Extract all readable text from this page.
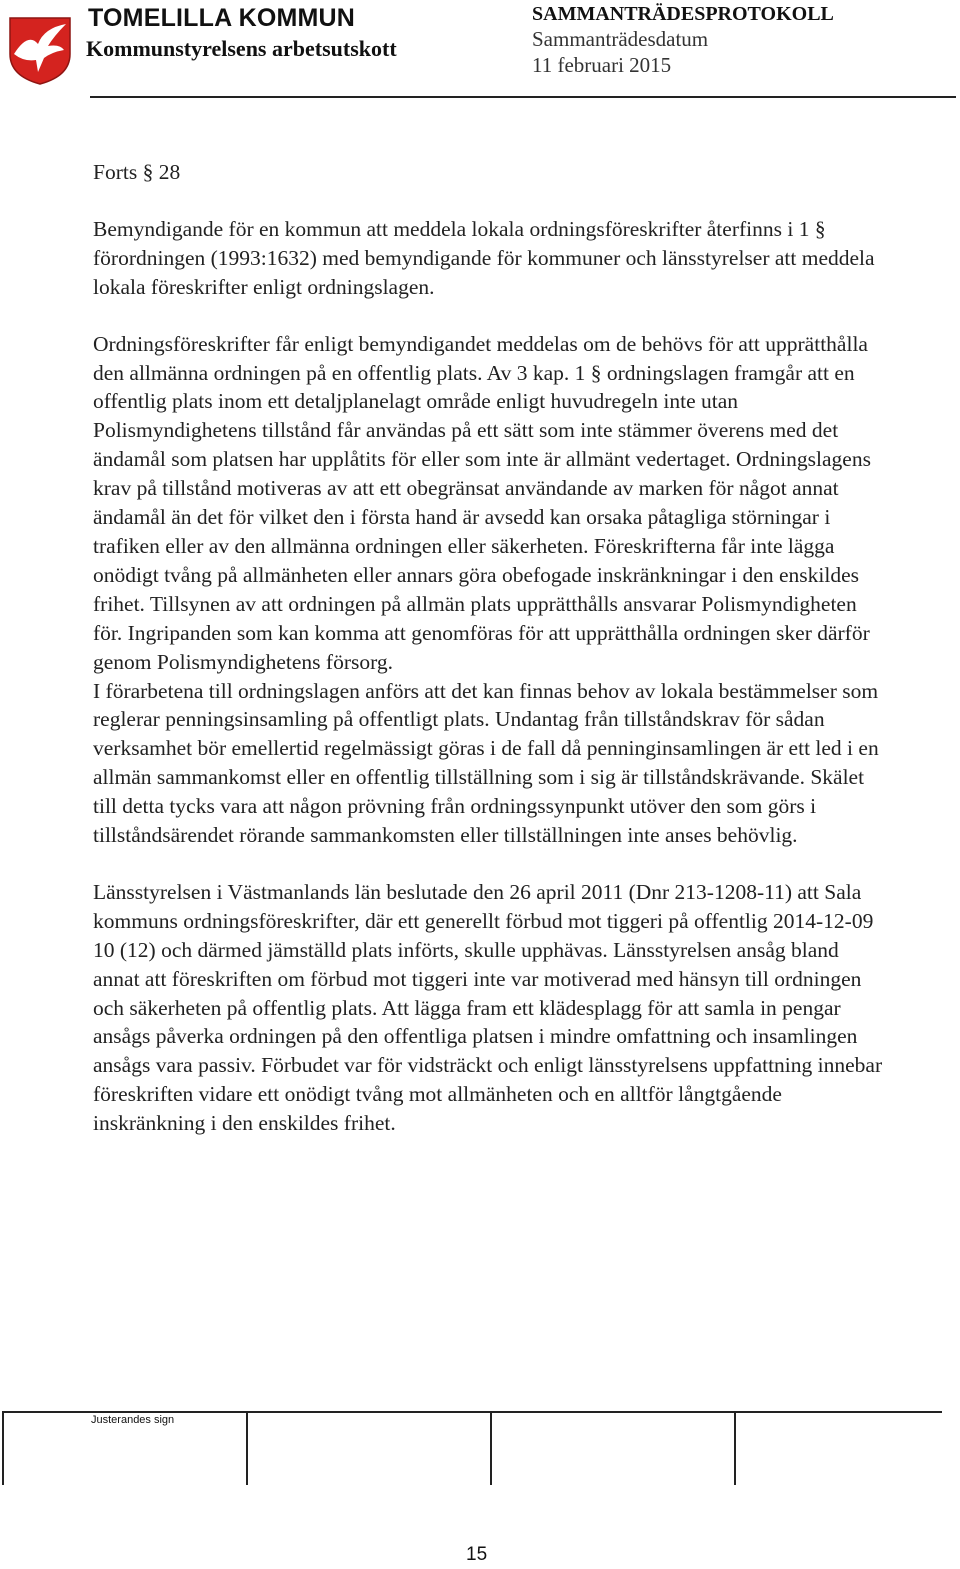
TOMELILLA KOMMUN
Kommunstyrelsens arbetsutskott
SAMMANTRÄDESPROTOKOLL
Sammanträdesdatum
11 februari 2015

Forts § 28

Bemyndigande för en kommun att meddela lokala ordningsföreskrifter återfinns i 1 § förordningen (1993:1632) med bemyndigande för kommuner och länsstyrelser att meddela lokala föreskrifter enligt ordningslagen.

Ordningsföreskrifter får enligt bemyndigandet meddelas om de behövs för att upprätthålla den allmänna ordningen på en offentlig plats. Av 3 kap. 1 § ordningslagen framgår att en offentlig plats inom ett detaljplanelagt område enligt huvudregeln inte utan Polismyndighetens tillstånd får användas på ett sätt som inte stämmer överens med det ändamål som platsen har upplåtits för eller som inte är allmänt vedertaget. Ordningslagens krav på tillstånd motiveras av att ett obegränsat användande av marken för något annat ändamål än det för vilket den i första hand är avsedd kan orsaka påtagliga störningar i trafiken eller av den allmänna ordningen eller säkerheten. Föreskrifterna får inte lägga onödigt tvång på allmänheten eller annars göra obefogade inskränkningar i den enskildes frihet. Tillsynen av att ordningen på allmän plats upprätthålls ansvarar Polismyndigheten för. Ingripanden som kan komma att genomföras för att upprätthålla ordningen sker därför genom Polismyndighetens försorg.

I förarbetena till ordningslagen anförs att det kan finnas behov av lokala bestämmelser som reglerar penningsinsamling på offentligt plats. Undantag från tillståndskrav för sådan verksamhet bör emellertid regelmässigt göras i de fall då penninginsamlingen är ett led i en allmän sammankomst eller en offentlig tillställning som i sig är tillståndskrävande. Skälet till detta tycks vara att någon prövning från ordningssynpunkt utöver den som görs i tillståndsärendet rörande sammankomsten eller tillställningen inte anses behövlig.

Länsstyrelsen i Västmanlands län beslutade den 26 april 2011 (Dnr 213-1208-11) att Sala kommuns ordningsföreskrifter, där ett generellt förbud mot tiggeri på offentlig 2014-12-09 10 (12) och därmed jämställd plats införts, skulle upphävas. Länsstyrelsen ansåg bland annat att föreskriften om förbud mot tiggeri inte var motiverad med hänsyn till ordningen och säkerheten på offentlig plats. Att lägga fram ett klädesplagg för att samla in pengar ansågs påverka ordningen på den offentliga platsen i mindre omfattning och insamlingen ansågs vara passiv. Förbudet var för vidsträckt och enligt länsstyrelsens uppfattning innebar föreskriften vidare ett onödigt tvång mot allmänheten och en alltför långtgående inskränkning i den enskildes frihet.

Justerandes sign
15
